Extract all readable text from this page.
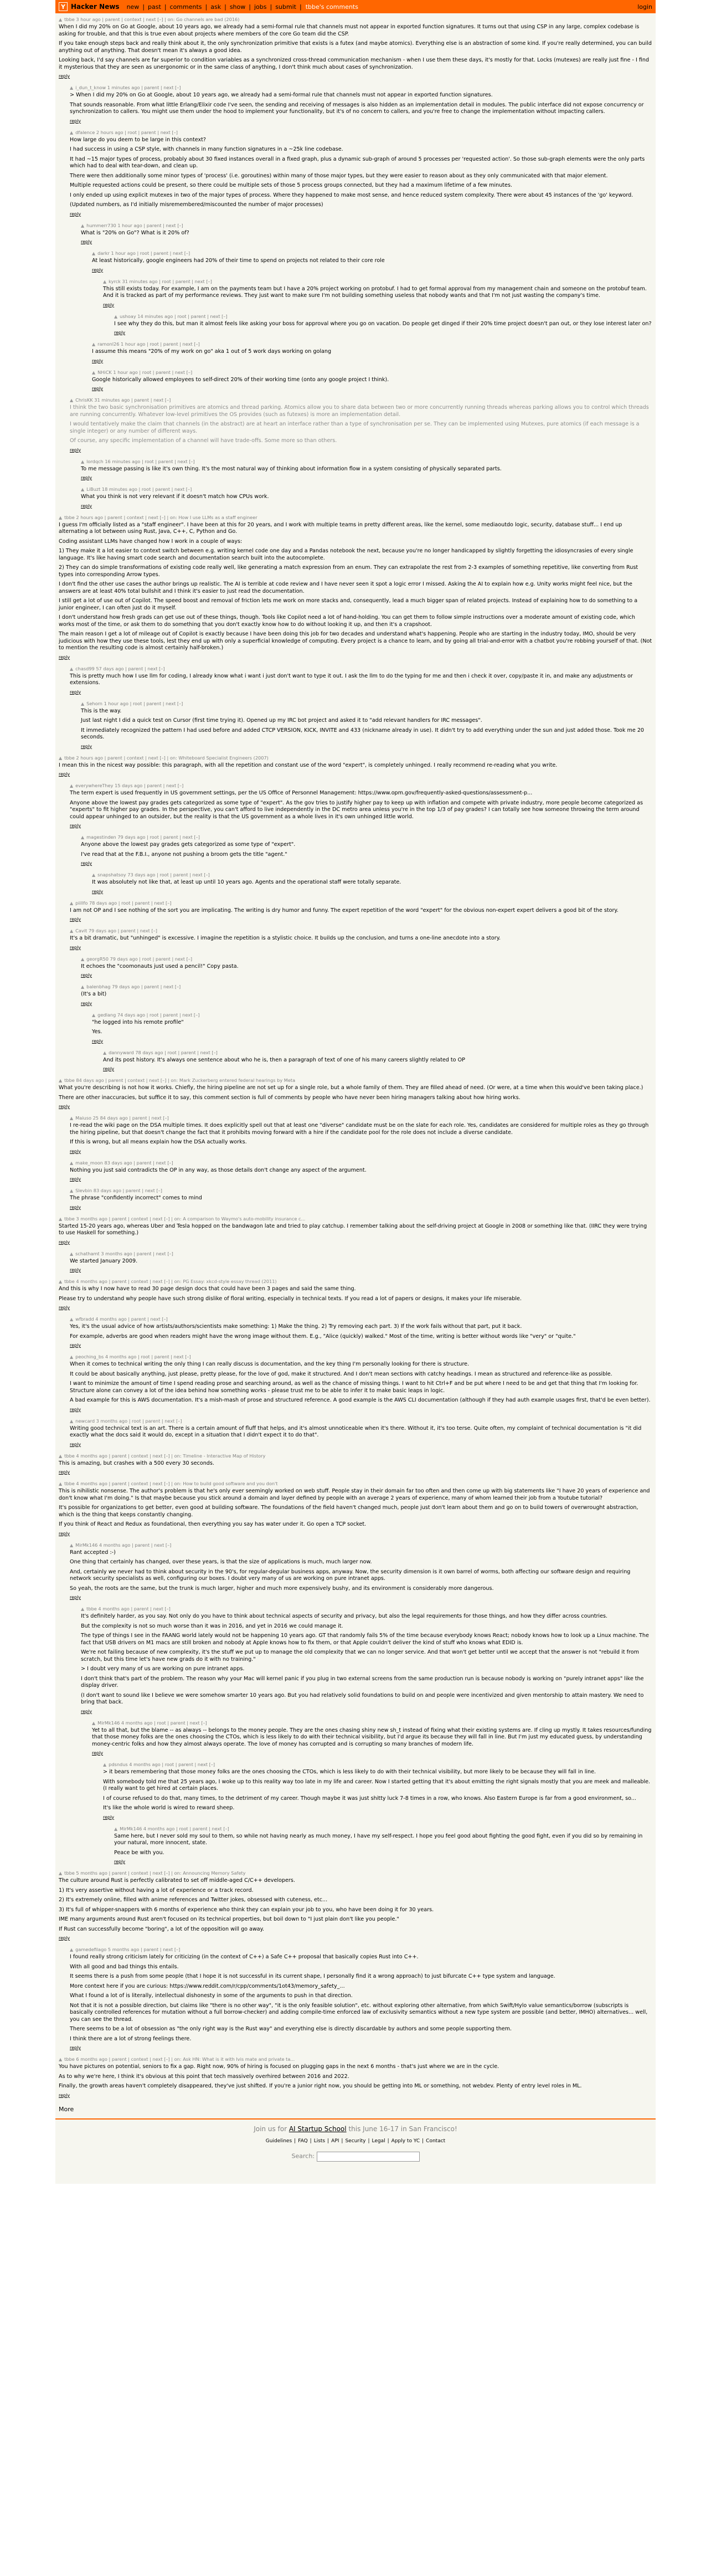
Y Hacker News new | past | comments | ask | show | jobs | submit | tbbe's comments	login
▲ tbbe 3 hour ago | parent | context | next [–] | on: Go channels are bad (2016)

When I did my 20% on Go at Google, about 10 years ago, we already had a semi-formal rule that channels must not appear in exported function signatures. It turns out that using CSP in any large, complex codebase is asking for trouble, and that this is true even about projects where members of the core Go team did the CSP.

If you take enough steps back and really think about it, the only synchronization primitive that exists is a futex (and maybe atomics). Everything else is an abstraction of some kind. If you're really determined, you can build anything out of anything. That doesn't mean it's always a good idea.

Looking back, I'd say channels are far superior to condition variables as a synchronized cross-thread communication mechanism - when I use them these days, it's mostly for that. Locks (mutexes) are really just fine - I find it mysterious that they are seen as unergonomic or in the same class of anything, I don't think much about cases of synchronization.

reply
▲ i_dun_t_know 1 minutes ago | parent | next [–]

> When I did my 20% on Go at Google, about 10 years ago, we already had a semi-formal rule that channels must not appear in exported function signatures.

That sounds reasonable. From what little Erlang/Elixir code I've seen, the sending and receiving of messages is also hidden as an implementation detail in modules. The public interface did not expose concurrency or synchronization to callers. You might use them under the hood to implement your functionality, but it's of no concern to callers, and you're free to change the implementation without impacting callers.

reply
▲ dfalence 2 hours ago | root | parent | next [–]

How large do you deem to be large in this context?

I had success in using a CSP style, with channels in many function signatures in a ~25k line codebase.

It had ~15 major types of process, probably about 30 fixed instances overall in a fixed graph, plus a dynamic sub-graph of around 5 processes per 'requested action'. So those sub-graph elements were the only parts which had to deal with tear-down, and clean up.

There were then additionally some minor types of 'process' (i.e. goroutines) within many of those major types, but they were easier to reason about as they only communicated with that major element.

Multiple requested actions could be present, so there could be multiple sets of those 5 process groups connected, but they had a maximum lifetime of a few minutes.

I only ended up using explicit mutexes in two of the major types of process. Where they happened to make most sense, and hence reduced system complexity. There were about 45 instances of the 'go' keyword.

(Updated numbers, as I'd initially misremembered/miscounted the number of major processes)

reply
▲ hummerr730 1 hour ago | parent | next [–]

What is "20% on Go"? What is it 20% of?

reply
▲ darkr 1 hour ago | root | parent | next [–]

At least historically, google engineers had 20% of their time to spend on projects not related to their core role

reply
▲ kyrck 31 minutes ago | root | parent | next [–]

This still exists today. For example, I am on the payments team but I have a 20% project working on protobuf. I had to get formal approval from my management chain and someone on the protobuf team. And it is tracked as part of my performance reviews. They just want to make sure I'm not building something useless that nobody wants and that I'm not just wasting the company's time.

reply
▲ ushoay 14 minutes ago | root | parent | next [–]

I see why they do this, but man it almost feels like asking your boss for approval where you go on vacation. Do people get dinged if their 20% time project doesn't pan out, or they lose interest later on?

reply
▲ ramonl26 1 hour ago | root | parent | next [–]

I assume this means "20% of my work on go" aka 1 out of 5 work days working on golang

reply
▲ NHiCK 1 hour ago | root | parent | next [–]

Google historically allowed employees to self-direct 20% of their working time (onto any google project I think).

reply
▲ ChrisKK 31 minutes ago | parent | next [–]

I think the two basic synchronisation primitives are atomics and thread parking. Atomics allow you to share data between two or more concurrently running threads whereas parking allows you to control which threads are running concurrently. Whatever low-level primitives the OS provides (such as futexes) is more an implementation detail.

I would tentatively make the claim that channels (in the abstract) are at heart an interface rather than a type of synchronisation per se. They can be implemented using Mutexes, pure atomics (if each message is a single integer) or any number of different ways.

Of course, any specific implementation of a channel will have trade-offs. Some more so than others.

reply
▲ lordqch 16 minutes ago | root | parent | next [–]

To me message passing is like it's own thing. It's the most natural way of thinking about information flow in a system consisting of physically separated parts.

reply
▲ LiBuzt 18 minutes ago | root | parent | next [–]

What you think is not very relevant if it doesn't match how CPUs work.

reply
▲ tbbe 2 hours ago | parent | context | next [–] | on: How I use LLMs as a staff engineer

I guess I'm officially listed as a "staff engineer". I have been at this for 20 years, and I work with multiple teams in pretty different areas, like the kernel, some mediaoutdo logic, security, database stuff... I end up alternating a lot between using Rust, Java, C++, C, Python and Go.

Coding assistant LLMs have changed how I work in a couple of ways:

1) They make it a lot easier to context switch between e.g. writing kernel code one day and a Pandas notebook the next, because you're no longer handicapped by slightly forgetting the idiosyncrasies of every single language. It's like having smart code search and documentation search built into the autocomplete.

2) They can do simple transformations of existing code really well, like generating a match expression from an enum. They can extrapolate the rest from 2-3 examples of something repetitive, like converting from Rust types into corresponding Arrow types.

I don't find the other use cases the author brings up realistic. The AI is terrible at code review and I have never seen it spot a logic error I missed. Asking the AI to explain how e.g. Unity works might feel nice, but the answers are at least 40% total bullshit and I think it's easier to just read the documentation.

I still get a lot of use out of Copilot. The speed boost and removal of friction lets me work on more stacks and, consequently, lead a much bigger span of related projects. Instead of explaining how to do something to a junior engineer, I can often just do it myself.

I don't understand how fresh grads can get use out of these things, though. Tools like Copilot need a lot of hand-holding. You can get them to follow simple instructions over a moderate amount of existing code, which works most of the time, or ask them to do something that you don't exactly know how to do without looking it up, and then it's a crapshoot.

The main reason I get a lot of mileage out of Copilot is exactly because I have been doing this job for two decades and understand what's happening. People who are starting in the industry today, IMO, should be very judicious with how they use these tools, lest they end up with only a superficial knowledge of computing. Every project is a chance to learn, and by going all trial-and-error with a chatbot you're robbing yourself of that. (Not to mention the resulting code is almost certainly half-broken.)

reply
▲ chasd99 57 days ago | parent | next [–]

This is pretty much how I use llm for coding, I already know what i want i just don't want to type it out. I ask the llm to do the typing for me and then i check it over, copy/paste it in, and make any adjustments or extensions.

reply
▲ Sehorn 1 hour ago | root | parent | next [–]

This is the way.

Just last night I did a quick test on Cursor (first time trying it). Opened up my IRC bot project and asked it to "add relevant handlers for IRC messages".

It immediately recognized the pattern I had used before and added CTCP VERSION, KICK, INVITE and 433 (nickname already in use). It didn't try to add everything under the sun and just added those. Took me 20 seconds.

reply
▲ tbbe 2 hours ago | parent | context | next [–] | on: Whiteboard Specialist Engineers (2007)

I mean this in the nicest way possible: this paragraph, with all the repetition and constant use of the word "expert", is completely unhinged. I really recommend re-reading what you write.

reply
▲ everywhereThey 15 days ago | parent | next [–]

The term expert is used frequently in US government settings, per the US Office of Personnel Management: https://www.opm.gov/frequently-asked-questions/assessment-p...

Anyone above the lowest pay grades gets categorized as some type of "expert". As the gov tries to justify higher pay to keep up with inflation and compete with private industry, more people become categorized as "experts" to fit higher pay grades. In the perspective, you can't afford to live independently in the DC metro area unless you're in the top 1/3 of pay grades? I can totally see how someone throwing the term around could appear unhinged to an outsider, but the reality is that the US government as a whole lives in it's own unhinged little world.

reply
▲ magestinden 79 days ago | root | parent | next [–]

Anyone above the lowest pay grades gets categorized as some type of "expert".

I've read that at the F.B.I., anyone not pushing a broom gets the title "agent."

reply
▲ snapshatsoy 73 days ago | root | parent | next [–]

It was absolutely not like that, at least up until 10 years ago. Agents and the operational staff were totally separate.

reply
▲ piillfo 78 days ago | root | parent | next [–]

I am not OP and I see nothing of the sort you are implicating. The writing is dry humor and funny. The expert repetition of the word "expert" for the obvious non-expert expert delivers a good bit of the story.

reply
▲ Cavit 79 days ago | parent | next [–]

It's a bit dramatic, but "unhinged" is excessive. I imagine the repetition is a stylistic choice. It builds up the conclusion, and turns a one-line anecdote into a story.

reply
▲ georgR50 79 days ago | root | parent | next [–]

It echoes the "coomonauts just used a pencil!" Copy pasta.

reply
▲ balenbhag 79 days ago | parent | next [–]

(It's a bit)

reply
▲ gedlang 74 days ago | root | parent | next [–]

"he logged into his remote profile"

Yes.

reply
▲ dannyward 78 days ago | root | parent | next [–]

And its post history. It's always one sentence about who he is, then a paragraph of text of one of his many careers slightly related to OP

reply
▲ tbbe 84 days ago | parent | context | next [–] | on: Mark Zuckerberg entered federal hearings by Meta

What you're describing is not how it works. Chiefly, the hiring pipeline are not set up for a single role, but a whole family of them. They are filled ahead of need. (Or were, at a time when this would've been taking place.)

There are other inaccuracies, but suffice it to say, this comment section is full of comments by people who have never been hiring managers talking about how hiring works.

reply
▲ Maiuso 25 84 days ago | parent | next [–]

I re-read the wiki page on the DSA multiple times. It does explicitly spell out that at least one "diverse" candidate must be on the slate for each role. Yes, candidates are considered for multiple roles as they go through the hiring pipeline, but that doesn't change the fact that it prohibits moving forward with a hire if the candidate pool for the role does not include a diverse candidate.

If this is wrong, but all means explain how the DSA actually works.

reply
▲ make_moon 83 days ago | parent | next [–]

Nothing you just said contradicts the OP in any way, as those details don't change any aspect of the argument.

reply
▲ Slevbin 83 days ago | parent | next [–]

The phrase "confidently incorrect" comes to mind

reply
▲ tbbe 3 months ago | parent | context | next [–] | on: A comparison to Waymo's auto-mobility insurance c...

Started 15-20 years ago, whereas Uber and Tesla hopped on the bandwagon late and tried to play catchup. I remember talking about the self-driving project at Google in 2008 or something like that. (IIRC they were trying to use Haskell for something.)

reply
▲ schathamt 3 months ago | parent | next [–]

We started January 2009.

reply
▲ tbbe 4 months ago | parent | context | next [–] | on: PG Essay: xkcd-style essay thread (2011)

And this is why I now have to read 30 page design docs that could have been 3 pages and said the same thing.

Please try to understand why people have such strong dislike of floral writing, especially in technical texts. If you read a lot of papers or designs, it makes your life miserable.

reply
▲ wfbradd 4 months ago | parent | next [–]

Yes, it's the usual advice of how artists/authors/scientists make something: 1) Make the thing. 2) Try removing each part. 3) If the work fails without that part, put it back.

For example, adverbs are good when readers might have the wrong image without them. E.g., "Alice (quickly) walked." Most of the time, writing is better without words like "very" or "quite."

reply
▲ peoching_bs 4 months ago | root | parent | next [–]

When it comes to technical writing the only thing I can really discuss is documentation, and the key thing I'm personally looking for there is structure.

It could be about basically anything, just please, pretty please, for the love of god, make it structured. And I don't mean sections with catchy headings. I mean as structured and reference-like as possible.

I want to minimize the amount of time I spend reading prose and searching around, as well as the chance of missing things. I want to hit Ctrl+F and be put where I need to be and get that thing that I'm looking for. Structure alone can convey a lot of the idea behind how something works - please trust me to be able to infer it to make basic leaps in logic.

A bad example for this is AWS documentation. It's a mish-mash of prose and structured reference. A good example is the AWS CLI documentation (although if they had auth example usages first, that'd be even better).

reply
▲ newcard 3 months ago | root | parent | next [–]

Writing good technical text is an art. There is a certain amount of fluff that helps, and it's almost unnoticeable when it's there. Without it, it's too terse. Quite often, my complaint of technical documentation is "it did exactly what the docs said it would do, except in a situation that I didn't expect it to do that".

reply
▲ tbbe 4 months ago | parent | context | next [–] | on: Timeline - Interactive Map of History

This is amazing, but crashes with a 500 every 30 seconds.

reply
▲ tbbe 4 months ago | parent | context | next [–] | on: How to build good software and you don't

This is nihilistic nonsense. The author's problem is that he's only ever seemingly worked on web stuff. People stay in their domain far too often and then come up with big statements like "I have 20 years of experience and don't know what I'm doing." Is that maybe because you stick around a domain and layer defined by people with an average 2 years of experience, many of whom learned their job from a Youtube tutorial?

It's possible for organizations to get better, even good at building software. The foundations of the field haven't changed much, people just don't learn about them and go on to build towers of overwrought abstraction, which is the thing that keeps constantly changing.

If you think of React and Redux as foundational, then everything you say has water under it. Go open a TCP socket.

reply
▲ MirMk146 4 months ago | parent | next [–]

Rant accepted :-)

One thing that certainly has changed, over these years, is that the size of applications is much, much larger now.

And, certainly we never had to think about security in the 90's, for regular-degular business apps, anyway. Now, the security dimension is it own barrel of worms, both affecting our software design and requiring network security specialists as well, configuring our boxes. I doubt very many of us are working on pure intranet apps.

So yeah, the roots are the same, but the trunk is much larger, higher and much more expensively bushy, and its environment is considerably more dangerous.

reply
▲ tbbe 4 months ago | parent | next [–]

It's definitely harder, as you say. Not only do you have to think about technical aspects of security and privacy, but also the legal requirements for those things, and how they differ across countries.

But the complexity is not so much worse than it was in 2016, and yet in 2016 we could manage it.

The type of things I see in the FAANG world lately would not be happening 10 years ago. GT that randomly fails 5% of the time because everybody knows React; nobody knows how to look up a Linux machine. The fact that USB drivers on M1 macs are still broken and nobody at Apple knows how to fix them, or that Apple couldn't deliver the kind of stuff who knows what EDID is.

We're not failing because of new complexity, it's the stuff we put up to manage the old complexity that we can no longer service. And that won't get better until we accept that the answer is not "rebuild it from scratch, but this time let's have new grads do it with no training."

> I doubt very many of us are working on pure intranet apps.

I don't think that's part of the problem. The reason why your Mac will kernel panic if you plug in two external screens from the same production run is because nobody is working on "purely intranet apps" like the display driver.

(I don't want to sound like I believe we were somehow smarter 10 years ago. But you had relatively solid foundations to build on and people were incentivized and given mentorship to attain mastery. We need to bring that back.

reply
▲ MirMk146 4 months ago | root | parent | next [–]

Yet to all that, but the blame -- as always -- belongs to the money people. They are the ones chasing shiny new sh_t instead of fixing what their existing systems are. If cling up mystly. It takes resources/funding that those money folks are the ones choosing the CTOs, which is less likely to do with their technical visibility, but I'd argue its because they will fall in line. But I'm just my educated guess, by understanding money-centric folks and how they almost always operate. The love of money has corrupted and is corrupting so many branches of modern life.

reply
▲ pdsndus 4 months ago | root | parent | next [–]

> it bears remembering that those money folks are the ones choosing the CTOs, which is less likely to do with their technical visibility, but more likely to be because they will fall in line.

With somebody told me that 25 years ago, I woke up to this reality way too late in my life and career. Now I started getting that it's about emitting the right signals mostly that you are meek and malleable. (I really want to get hired at certain places.

I of course refused to do that, many times, to the detriment of my career. Though maybe it was just shitty luck 7-8 times in a row, who knows. Also Eastern Europe is far from a good environment, so...

It's like the whole world is wired to reward sheep.

reply
▲ MirMk146 4 months ago | root | parent | next [–]

Same here, but I never sold my soul to them, so while not having nearly as much money, I have my self-respect. I hope you feel good about fighting the good fight, even if you did so by remaining in your natural, more innocent, state.

Peace be with you.

reply
▲ tbbe 5 months ago | parent | context | next [–] | on: Announcing Memory Safety

The culture around Rust is perfectly calibrated to set off middle-aged C/C++ developers.

1) It's very assertive without having a lot of experience or a track record.

2) It's extremely online, filled with anime references and Twitter jokes, obsessed with cuteness, etc...

3) It's full of whipper-snappers with 6 months of experience who think they can explain your job to you, who have been doing it for 30 years.

IME many arguments around Rust aren't focused on its technical properties, but boil down to "I just plain don't like you people."

If Rust can successfully become "boring", a lot of the opposition will go away.

reply
▲ gamedefilago 5 months ago | parent | next [–]

I found really strong criticism lately for criticizing (in the context of C++) a Safe C++ proposal that basically copies Rust into C++.

With all good and bad things this entails.

It seems there is a push from some people (that I hope it is not successful in its current shape, I personally find it a wrong approach) to just bifurcate C++ type system and language.

More context here if you are curious: https://www.reddit.com/r/cpp/comments/1ot43/memory_safety_...

What I found a lot of is literally, intellectual dishonesty in some of the arguments to push in that direction.

Not that it is not a possible direction, but claims like "there is no other way", "it is the only feasible solution", etc. without exploring other alternative, from which Swift/Hylo value semantics/borrow (subscripts is basically controlled references for mutation without a full borrow-checker) and adding compile-time enforced law of exclusivity semantics without a new type system are possible (and better, IMHO) alternatives... well, you can see the thread.

There seems to be a lot of obsession as "the only right way is the Rust way" and everything else is directly discardable by authors and some people supporting them.

I think there are a lot of strong feelings there.

reply
▲ tbbe 6 months ago | parent | context | next [–] | on: Ask HN: What is it with Ivis mate and private ta...

You have pictures on potential, seniors to fix a gap. Right now, 90% of hiring is focused on plugging gaps in the next 6 months - that's just where we are in the cycle.

As to why we're here, I think it's obvious at this point that tech massively overhired between 2016 and 2022.

Finally, the growth areas haven't completely disappeared, they've just shifted. If you're a junior right now, you should be getting into ML or something, not webdev. Plenty of entry level roles in ML.

reply
More
Join us for AI Startup School this June 16-17 in San Francisco!
Guidelines | FAQ | Lists | API | Security | Legal | Apply to YC | Contact
Search:
